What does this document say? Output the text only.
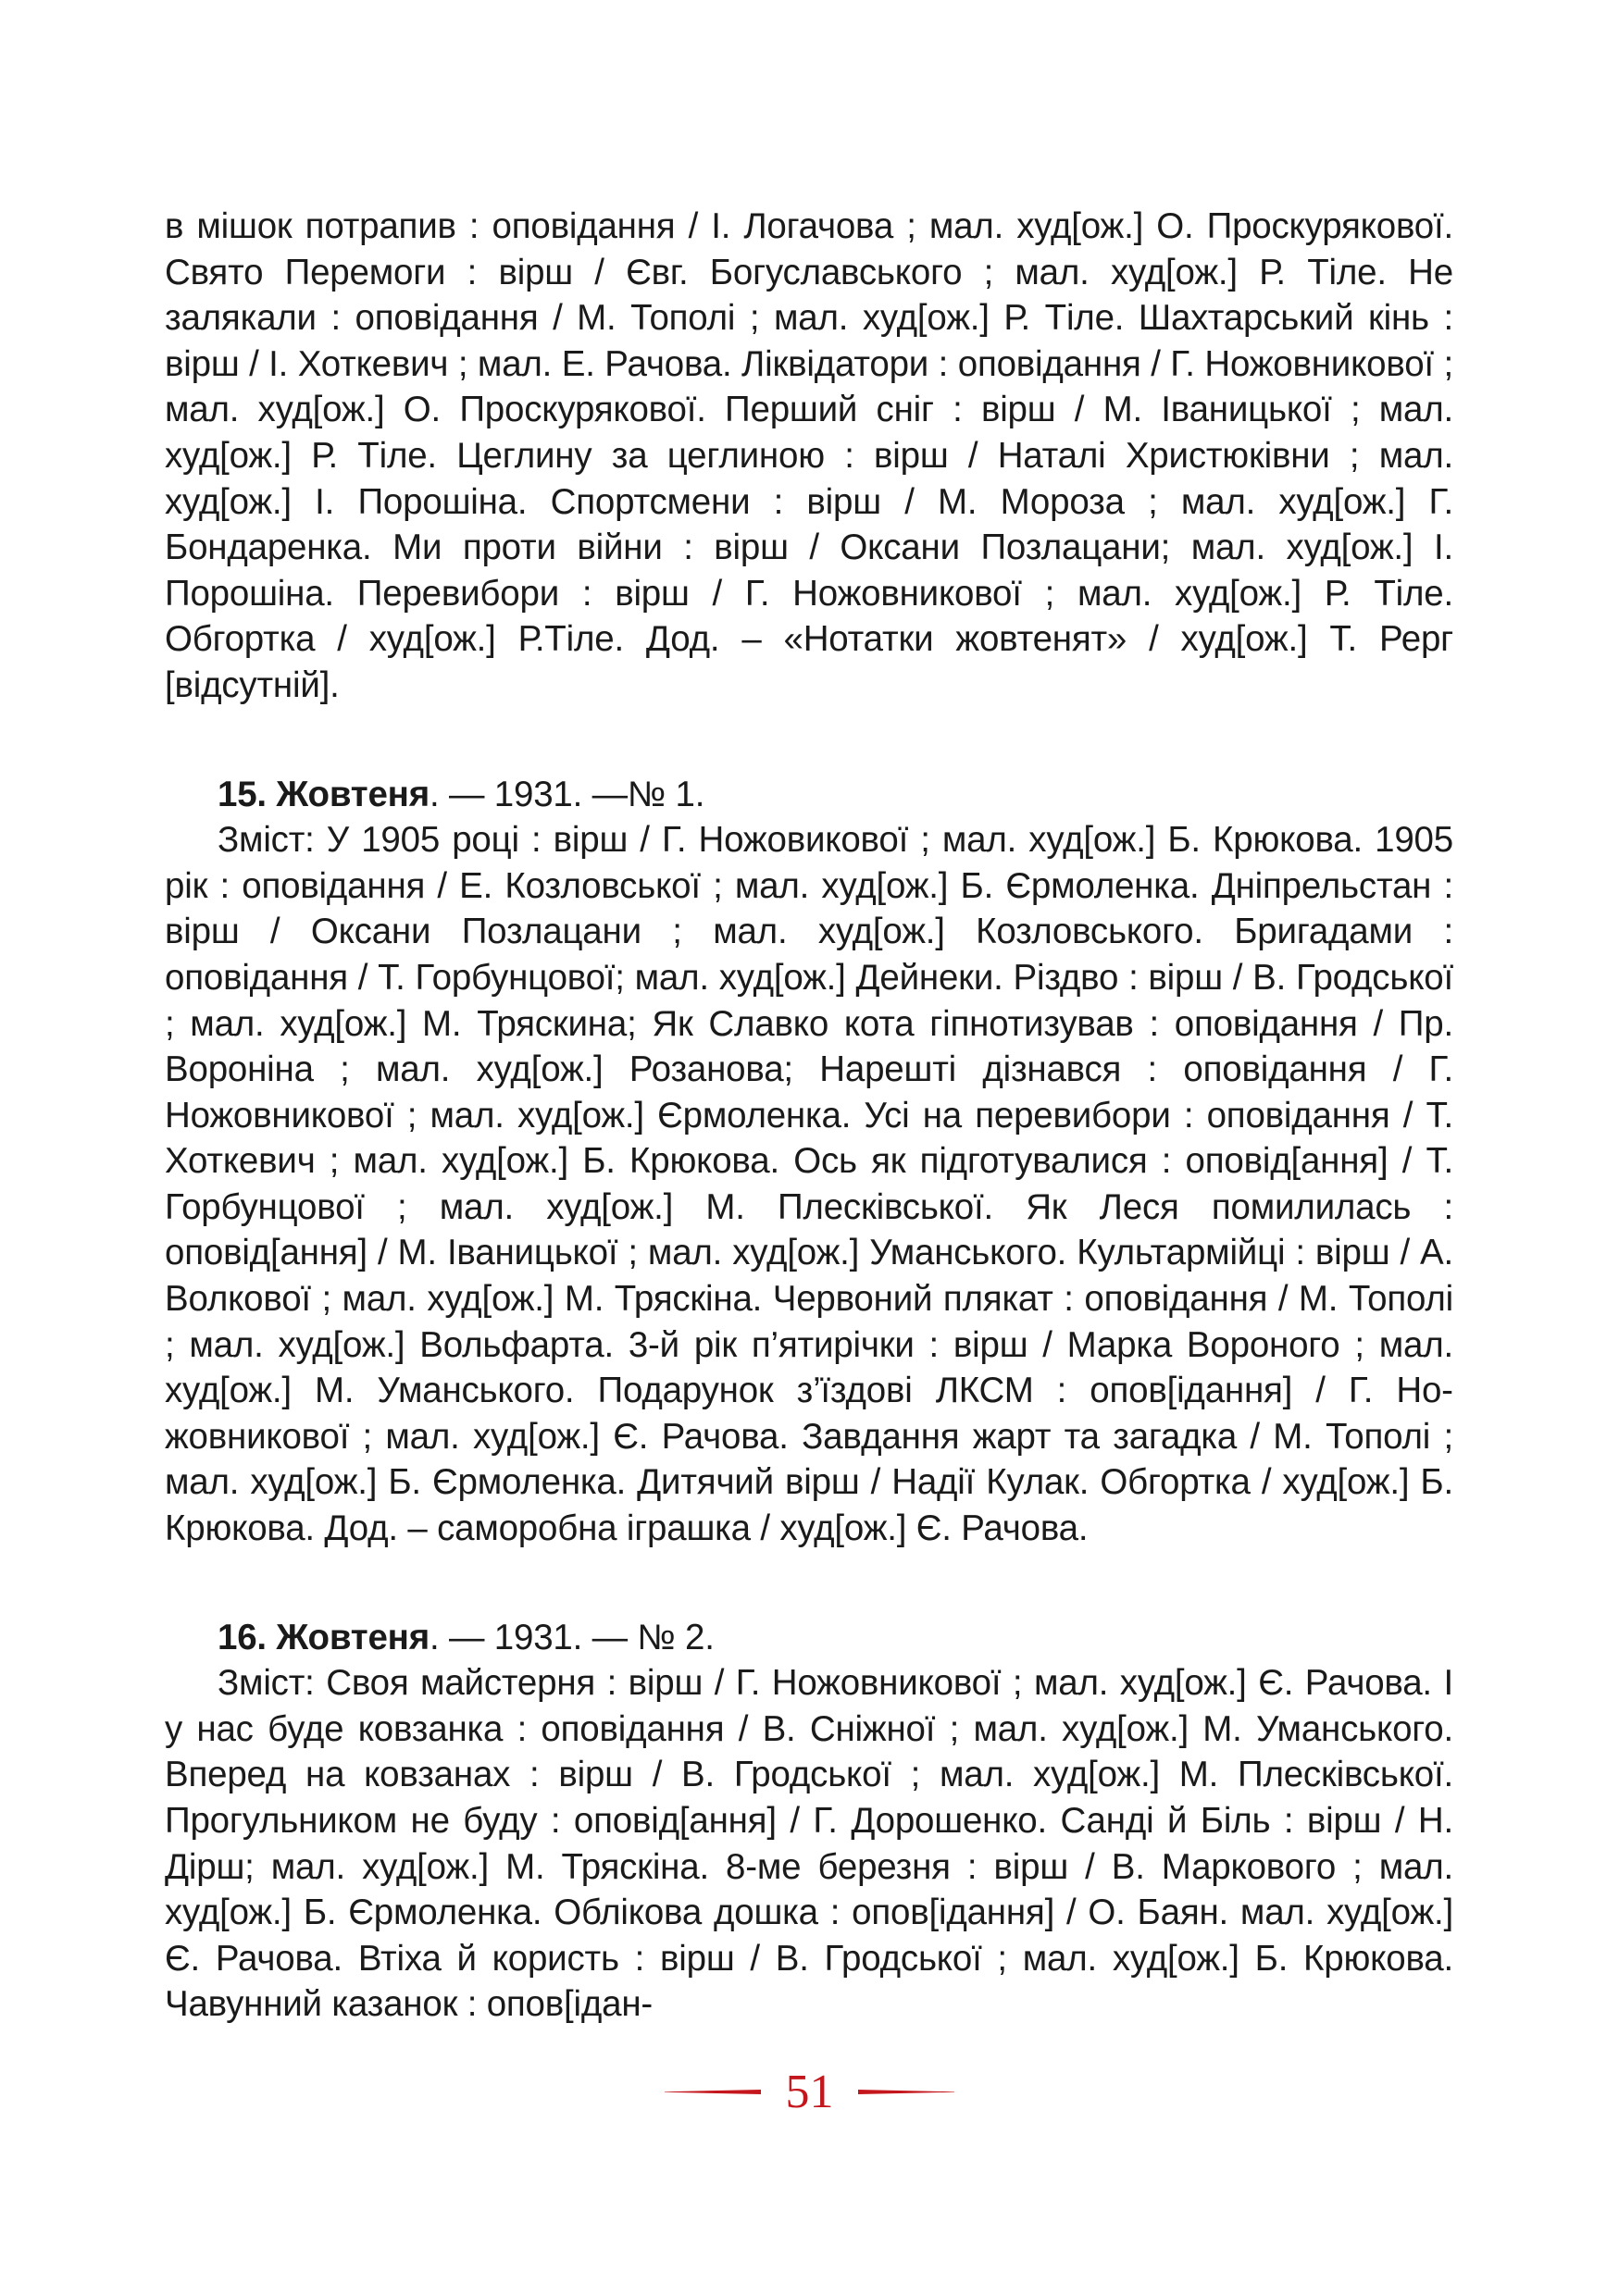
в мішок потрапив : оповідання / І. Логачова ; мал. худ[ож.] О. Проскурякової. Свято Перемоги : вірш / Євг. Богуславського ; мал. худ[ож.] Р. Тіле. Не залякали : оповідання / М. Тополі ; мал. худ[ож.] Р. Тіле. Шахтарський кінь : вірш / І. Хоткевич ; мал. Е. Рачова. Ліквідатори : оповідання / Г. Ножовникової ; мал. худ[ож.] О. Проскурякової. Перший сніг : вірш / М. Іваницької ; мал. худ[ож.] Р. Тіле. Цеглину за цеглиною : вірш / Наталі Христюківни ; мал. худ[ож.] І. Порошіна. Спортсмени : вірш / М. Мороза ; мал. худ[ож.] Г. Бондаренка. Ми проти війни : вірш / Оксани Позлацани; мал. худ[ож.] І. Порошіна. Перевибори : вірш / Г. Ножовникової ; мал. худ[ож.] Р. Тіле. Обгортка / худ[ож.] Р.Тіле. Дод. – «Нотатки жовтенят» / худ[ож.] Т. Рерг [відсутній].

15. Жовтеня. — 1931. —№ 1.

Зміст: У 1905 році : вірш / Г. Ножовикової ; мал. худ[ож.] Б. Крюкова. 1905 рік : оповідання / Е. Козловської ; мал. худ[ож.] Б. Єрмоленка. Дніпрельстан : вірш / Оксани Позлацани ; мал. худ[ож.] Козловського. Бригадами : оповідання / Т. Горбунцової; мал. худ[ож.] Дейнеки. Різдво : вірш / В. Гродської ; мал. худ[ож.] М. Тряскина; Як Славко кота гіпнотизував : оповідання / Пр. Вороніна ; мал. худ[ож.] Розанова; Нарешті дізнався : оповідання / Г. Ножовникової ; мал. худ[ож.] Єрмоленка. Усі на перевибори : оповідання / Т. Хоткевич ; мал. худ[ож.] Б. Крюкова. Ось як підготувалися : оповід[ання] / Т. Горбунцової ; мал. худ[ож.] М. Плесківської. Як Леся помилилась : оповід[ання] / М. Іваницької ; мал. худ[ож.] Уманського. Культармійці : вірш / А. Волкової ; мал. худ[ож.] М. Тряскіна. Червоний плякат : оповідання / М. Тополі ; мал. худ[ож.] Вольфарта. 3-й рік п’ятирічки : вірш / Марка Вороного ; мал. худ[ож.] М. Уманського. Подарунок з’їздові ЛКСМ : опов[ідання] / Г. Ножовникової ; мал. худ[ож.] Є. Рачова. Завдання жарт та загадка / М. Тополі ; мал. худ[ож.] Б. Єрмоленка. Дитячий вірш / Надії Кулак. Обгортка / худ[ож.] Б. Крюкова. Дод. – саморобна іграшка / худ[ож.] Є. Рачова.

16. Жовтеня. — 1931. — № 2.

Зміст: Своя майстерня : вірш / Г. Ножовникової ; мал. худ[ож.] Є. Рачова. І у нас буде ковзанка : оповідання / В. Сніжної ; мал. худ[ож.] М. Уманського. Вперед на ковзанах : вірш / В. Гродської ; мал. худ[ож.] М. Плесківської. Прогульником не буду : оповід[ання] / Г. Дорошенко. Санді й Біль : вірш / Н. Дірш; мал. худ[ож.] М. Тряскіна. 8-ме березня : вірш / В. Маркового ; мал. худ[ож.] Б. Єрмоленка. Облікова дошка : опов[ідання] / О. Баян. мал. худ[ож.] Є. Рачова. Втіха й користь : вірш / В. Гродської ; мал. худ[ож.] Б. Крюкова. Чавунний казанок : опов[ідан-

51
